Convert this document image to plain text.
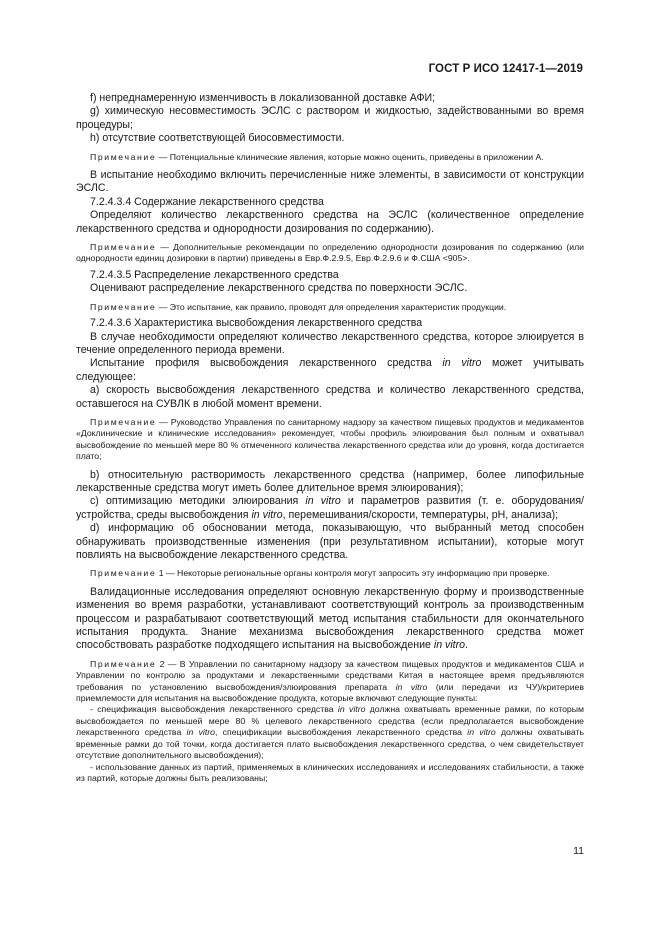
ГОСТ Р ИСО 12417-1—2019

f) непреднамеренную изменчивость в локализованной доставке АФИ;

g) химическую несовместимость ЭСЛС с раствором и жидкостью, задействованными во время процедуры;

h) отсутствие соответствующей биосовместимости.

Примечание — Потенциальные клинические явления, которые можно оценить, приведены в приложении А.

В испытание необходимо включить перечисленные ниже элементы, в зависимости от конструкции ЭСЛС.

7.2.4.3.4 Содержание лекарственного средства

Определяют количество лекарственного средства на ЭСЛС (количественное определение лекарственного средства и однородности дозирования по содержанию).

Примечание — Дополнительные рекомендации по определению однородности дозирования по содержанию (или однородности единиц дозировки в партии) приведены в Евр.Ф.2.9.5, Евр.Ф.2.9.6 и Ф.США <905>.

7.2.4.3.5 Распределение лекарственного средства

Оценивают распределение лекарственного средства по поверхности ЭСЛС.

Примечание — Это испытание, как правило, проводят для определения характеристик продукции.

7.2.4.3.6 Характеристика высвобождения лекарственного средства

В случае необходимости определяют количество лекарственного средства, которое элюируется в течение определенного периода времени.

Испытание профиля высвобождения лекарственного средства in vitro может учитывать следующее:

a) скорость высвобождения лекарственного средства и количество лекарственного средства, оставшегося на СУВЛК в любой момент времени.

Примечание — Руководство Управления по санитарному надзору за качеством пищевых продуктов и медикаментов «Доклинические и клинические исследования» рекомендует, чтобы профиль элюирования был полным и охватывал высвобождение по меньшей мере 80 % отмеченного количества лекарственного средства или до уровня, когда достигается плато;

b) относительную растворимость лекарственного средства (например, более липофильные лекарственные средства могут иметь более длительное время элюирования);

c) оптимизацию методики элюирования in vitro и параметров развития (т. е. оборудования/устройства, среды высвобождения in vitro, перемешивания/скорости, температуры, pH, анализа);

d) информацию об обосновании метода, показывающую, что выбранный метод способен обнаруживать производственные изменения (при результативном испытании), которые могут повлиять на высвобождение лекарственного средства.

Примечание 1 — Некоторые региональные органы контроля могут запросить эту информацию при проверке.

Валидационные исследования определяют основную лекарственную форму и производственные изменения во время разработки, устанавливают соответствующий контроль за производственным процессом и разрабатывают соответствующий метод испытания стабильности для окончательного испытания продукта. Знание механизма высвобождения лекарственного средства может способствовать разработке подходящего испытания на высвобождение in vitro.

Примечание 2 — В Управлении по санитарному надзору за качеством пищевых продуктов и медикаментов США и Управлении по контролю за продуктами и лекарственными средствами Китая в настоящее время предъявляются требования по установлению высвобождения/элюирования препарата in vitro (или передачи из ЧУ)/критериев приемлемости для испытания на высвобождение продукта, которые включают следующие пункты:

- спецификация высвобождения лекарственного средства in vitro должна охватывать временные рамки, по которым высвобождается по меньшей мере 80 % целевого лекарственного средства (если предполагается высвобождение лекарственного средства in vitro, спецификации высвобождения лекарственного средства in vitro должны охватывать временные рамки до той точки, когда достигается плато высвобождения лекарственного средства, о чем свидетельствует отсутствие дополнительного высвобождения);

- использование данных из партий, применяемых в клинических исследованиях и исследованиях стабильности, а также из партий, которые должны быть реализованы;

11
